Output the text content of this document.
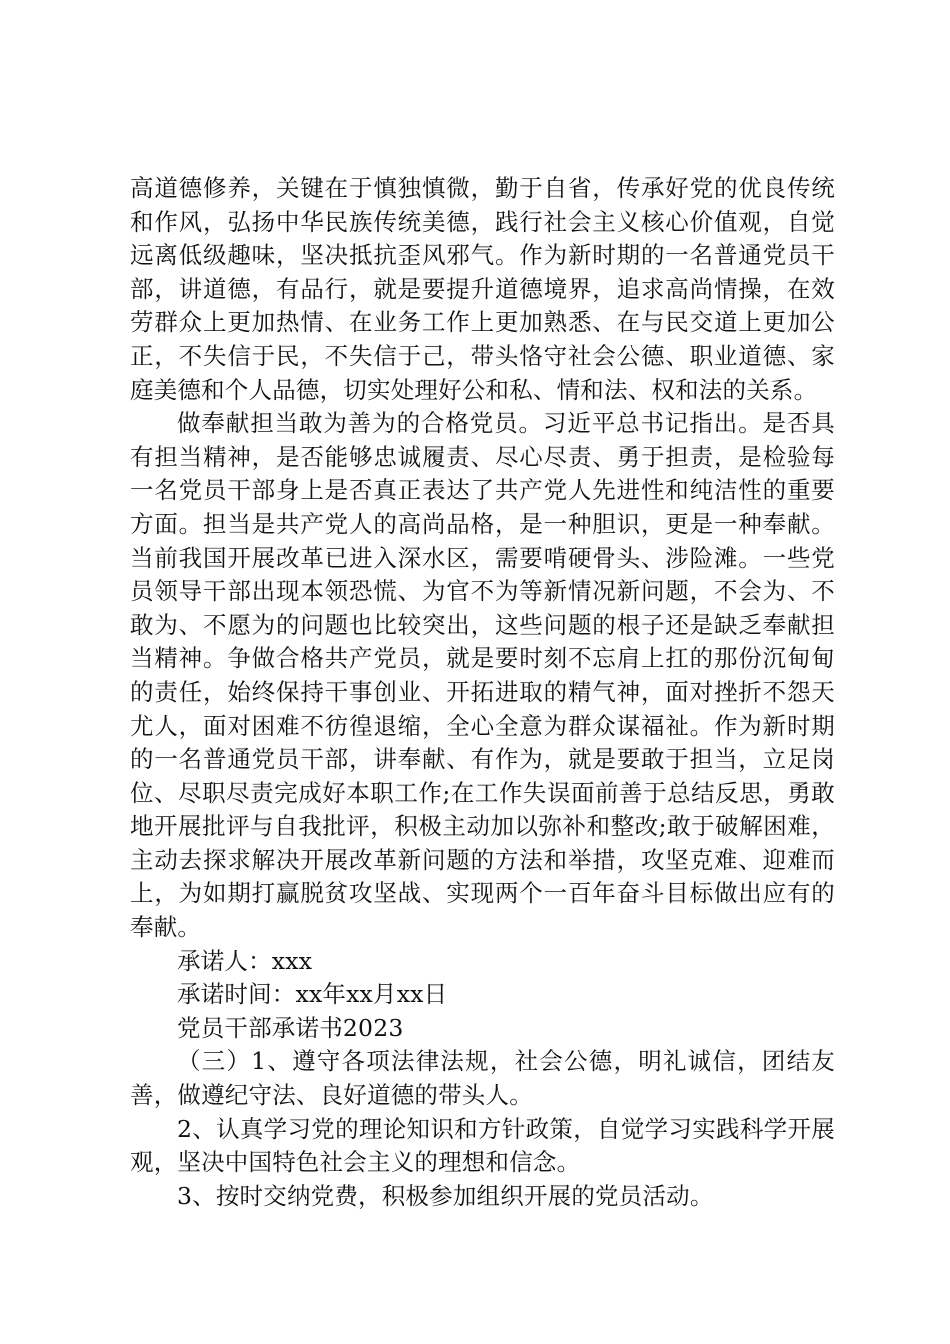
高道德修养，关键在于慎独慎微，勤于自省，传承好党的优良传统和作风，弘扬中华民族传统美德，践行社会主义核心价值观，自觉远离低级趣味，坚决抵抗歪风邪气。作为新时期的一名普通党员干部，讲道德，有品行，就是要提升道德境界，追求高尚情操，在效劳群众上更加热情、在业务工作上更加熟悉、在与民交道上更加公正，不失信于民，不失信于己，带头恪守社会公德、职业道德、家庭美德和个人品德，切实处理好公和私、情和法、权和法的关系。

做奉献担当敢为善为的合格党员。习近平总书记指出。是否具有担当精神，是否能够忠诚履责、尽心尽责、勇于担责，是检验每一名党员干部身上是否真正表达了共产党人先进性和纯洁性的重要方面。担当是共产党人的高尚品格，是一种胆识，更是一种奉献。当前我国开展改革已进入深水区，需要啃硬骨头、涉险滩。一些党员领导干部出现本领恐慌、为官不为等新情况新问题，不会为、不敢为、不愿为的问题也比较突出，这些问题的根子还是缺乏奉献担当精神。争做合格共产党员，就是要时刻不忘肩上扛的那份沉甸甸的责任，始终保持干事创业、开拓进取的精气神，面对挫折不怨天尤人，面对困难不彷徨退缩，全心全意为群众谋福祉。作为新时期的一名普通党员干部，讲奉献、有作为，就是要敢于担当，立足岗位、尽职尽责完成好本职工作;在工作失误面前善于总结反思，勇敢地开展批评与自我批评，积极主动加以弥补和整改;敢于破解困难，主动去探求解决开展改革新问题的方法和举措，攻坚克难、迎难而上，为如期打赢脱贫攻坚战、实现两个一百年奋斗目标做出应有的奉献。

承诺人：xxx

承诺时间：xx年xx月xx日

党员干部承诺书2023

（三）1、遵守各项法律法规，社会公德，明礼诚信，团结友善，做遵纪守法、良好道德的带头人。

2、认真学习党的理论知识和方针政策，自觉学习实践科学开展观，坚决中国特色社会主义的理想和信念。

3、按时交纳党费，积极参加组织开展的党员活动。
